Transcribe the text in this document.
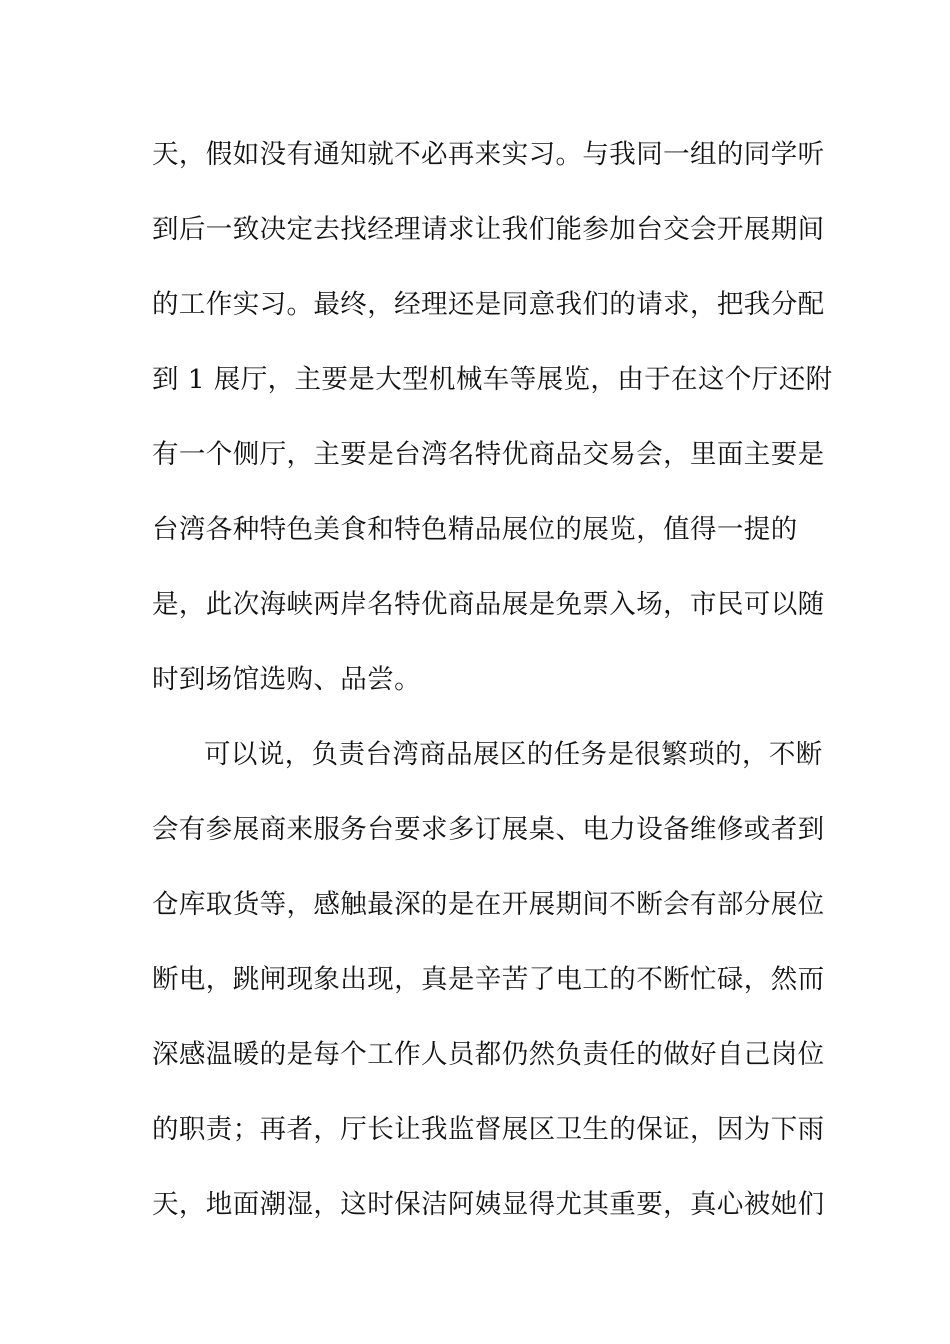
天，假如没有通知就不必再来实习。与我同一组的同学听
到后一致决定去找经理请求让我们能参加台交会开展期间
的工作实习。最终，经理还是同意我们的请求，把我分配
到 1 展厅，主要是大型机械车等展览，由于在这个厅还附
有一个侧厅，主要是台湾名特优商品交易会，里面主要是
台湾各种特色美食和特色精品展位的展览，值得一提的
是，此次海峡两岸名特优商品展是免票入场，市民可以随
时到场馆选购、品尝。
可以说，负责台湾商品展区的任务是很繁琐的，不断
会有参展商来服务台要求多订展桌、电力设备维修或者到
仓库取货等，感触最深的是在开展期间不断会有部分展位
断电，跳闸现象出现，真是辛苦了电工的不断忙碌，然而
深感温暖的是每个工作人员都仍然负责任的做好自己岗位
的职责；再者，厅长让我监督展区卫生的保证，因为下雨
天，地面潮湿，这时保洁阿姨显得尤其重要，真心被她们
